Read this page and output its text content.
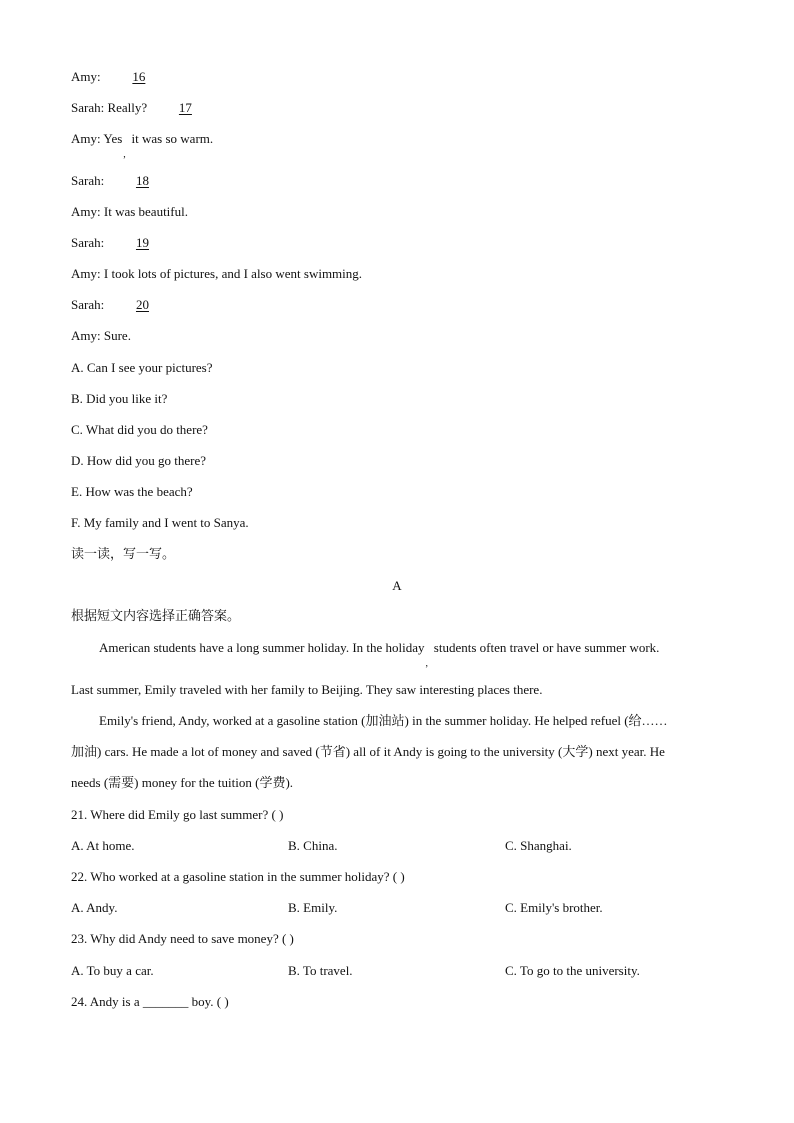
Amy: 16
Sarah: Really? 17
Amy: Yes it was so warm.
Sarah: 18
Amy: It was beautiful.
Sarah: 19
Amy: I took lots of pictures, and I also went swimming.
Sarah: 20
Amy: Sure.
A. Can I see your pictures?
B. Did you like it?
C. What did you do there?
D. How did you go there?
E. How was the beach?
F. My family and I went to Sanya.
读一读，写一写。
A
根据短文内容选择正确答案。
American students have a long summer holiday. In the holiday students often travel or have summer work.
Last summer, Emily traveled with her family to Beijing. They saw interesting places there.
Emily's friend, Andy, worked at a gasoline station (加油站) in the summer holiday. He helped refuel (给……
加油) cars. He made a lot of money and saved (节省) all of it Andy is going to the university (大学) next year. He
needs (需要) money for the tuition (学费).
21. Where did Emily go last summer? ( )
A. At home.	B. China.	C. Shanghai.
22. Who worked at a gasoline station in the summer holiday? ( )
A. Andy.	B. Emily.	C. Emily's brother.
23. Why did Andy need to save money? ( )
A. To buy a car.	B. To travel.	C. To go to the university.
24. Andy is a _______ boy. ( )
